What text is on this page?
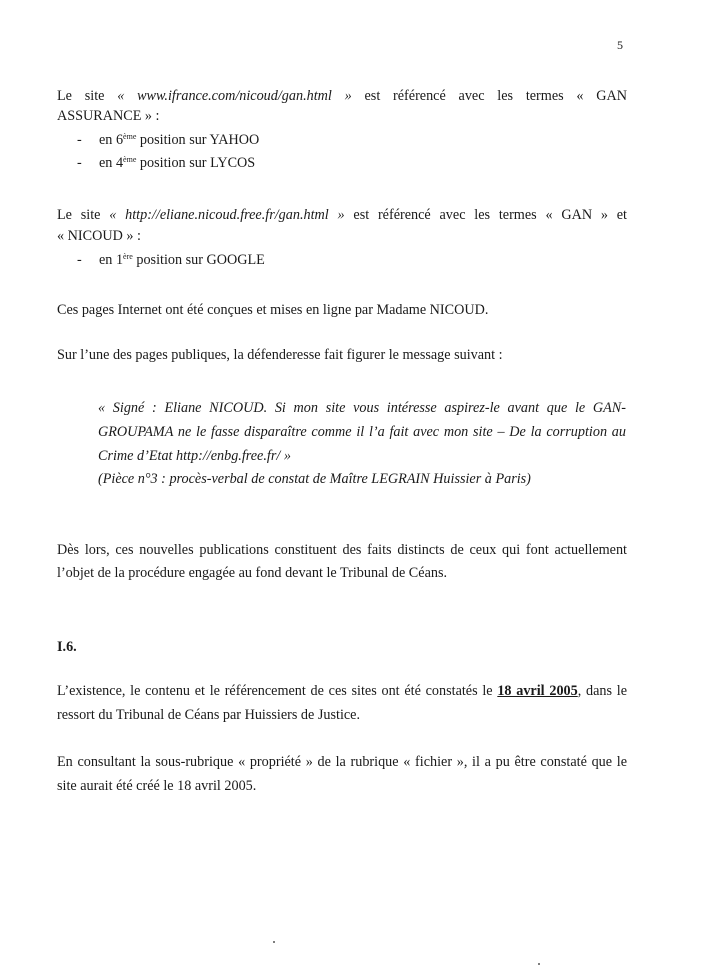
5
Le site « www.ifrance.com/nicoud/gan.html » est référencé avec les termes « GAN
ASSURANCE » :
- en 6ème position sur YAHOO
- en 4ème position sur LYCOS
Le site « http://eliane.nicoud.free.fr/gan.html » est référencé avec les termes « GAN » et
« NICOUD » :
- en 1ère position sur GOOGLE
Ces pages Internet ont été conçues et mises en ligne par Madame NICOUD.
Sur l’une des pages publiques, la défenderesse fait figurer le message suivant :
« Signé : Eliane NICOUD. Si mon site vous intéresse aspirez-le avant que le GAN-
GROUPAMA ne le fasse disparaître comme il l’a fait avec mon site – De la corruption au
Crime d’Etat http://enbg.free.fr/ »
(Pièce n°3 : procès-verbal de constat de Maître LEGRAIN Huissier à Paris)
Dès lors, ces nouvelles publications constituent des faits distincts de ceux qui font actuellement
l’objet de la procédure engagée au fond devant le Tribunal de Céans.
I.6.
L’existence, le contenu et le référencement de ces sites ont été constatés le 18 avril 2005, dans le
ressort du Tribunal de Céans par Huissiers de Justice.
En consultant la sous-rubrique « propriété » de la rubrique « fichier », il a pu être constaté que le
site aurait été créé le 18 avril 2005.
